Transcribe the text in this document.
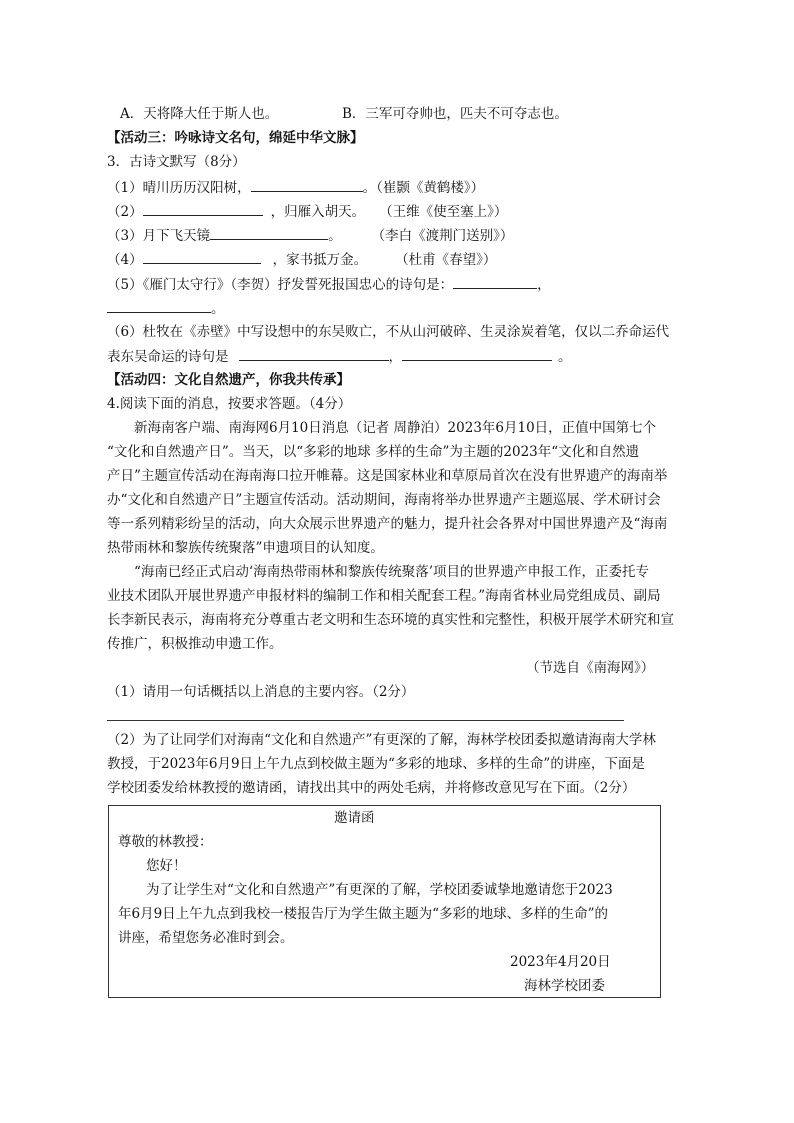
A．天将降大任于斯人也。	B．三军可夺帅也，匹夫不可夺志也。
【活动三：吟咏诗文名句，绵延中华文脉】
3．古诗文默写（8分）
（1）晴川历历汉阳树，	。（崔颢《黄鹤楼》）
（2）	，归雁入胡天。 （王维《使至塞上》）
（3）月下飞天镜	。 （李白《渡荆门送别》）
（4）	，家书抵万金。 （杜甫《春望》）
（5）《雁门太守行》（李贺）抒发誓死报国忠心的诗句是：	，
。
（6）杜牧在《赤壁》中写设想中的东吴败亡，不从山河破碎、生灵涂炭着笔，仅以二乔命运代
表东吴命运的诗句是	，	。
【活动四：文化自然遗产，你我共传承】
4.阅读下面的消息，按要求答题。（4分）
新海南客户端、南海网6月10日消息（记者 周静泊）2023年6月10日，正值中国第七个
“文化和自然遗产日”。当天，以“多彩的地球 多样的生命”为主题的2023年“文化和自然遗
产日”主题宣传活动在海南海口拉开帷幕。这是国家林业和草原局首次在没有世界遗产的海南举
办“文化和自然遗产日”主题宣传活动。活动期间，海南将举办世界遗产主题巡展、学术研讨会
等一系列精彩纷呈的活动，向大众展示世界遗产的魅力，提升社会各界对中国世界遗产及“海南
热带雨林和黎族传统聚落”申遗项目的认知度。
“海南已经正式启动‘海南热带雨林和黎族传统聚落’项目的世界遗产申报工作，正委托专
业技术团队开展世界遗产申报材料的编制工作和相关配套工程。”海南省林业局党组成员、副局
长李新民表示，海南将充分尊重古老文明和生态环境的真实性和完整性，积极开展学术研究和宣
传推广，积极推动申遗工作。
（节选自《南海网》）
（1）请用一句话概括以上消息的主要内容。（2分）
（2）为了让同学们对海南“文化和自然遗产”有更深的了解，海林学校团委拟邀请海南大学林
教授，于2023年6月9日上午九点到校做主题为“多彩的地球、多样的生命”的讲座，下面是
学校团委发给林教授的邀请函，请找出其中的两处毛病，并将修改意见写在下面。（2分）
邀请函
尊敬的林教授：
您好！
为了让学生对“文化和自然遗产”有更深的了解，学校团委诚挚地邀请您于2023
年6月9日上午九点到我校一楼报告厅为学生做主题为“多彩的地球、多样的生命”的
讲座，希望您务必准时到会。
2023年4月20日
海林学校团委
